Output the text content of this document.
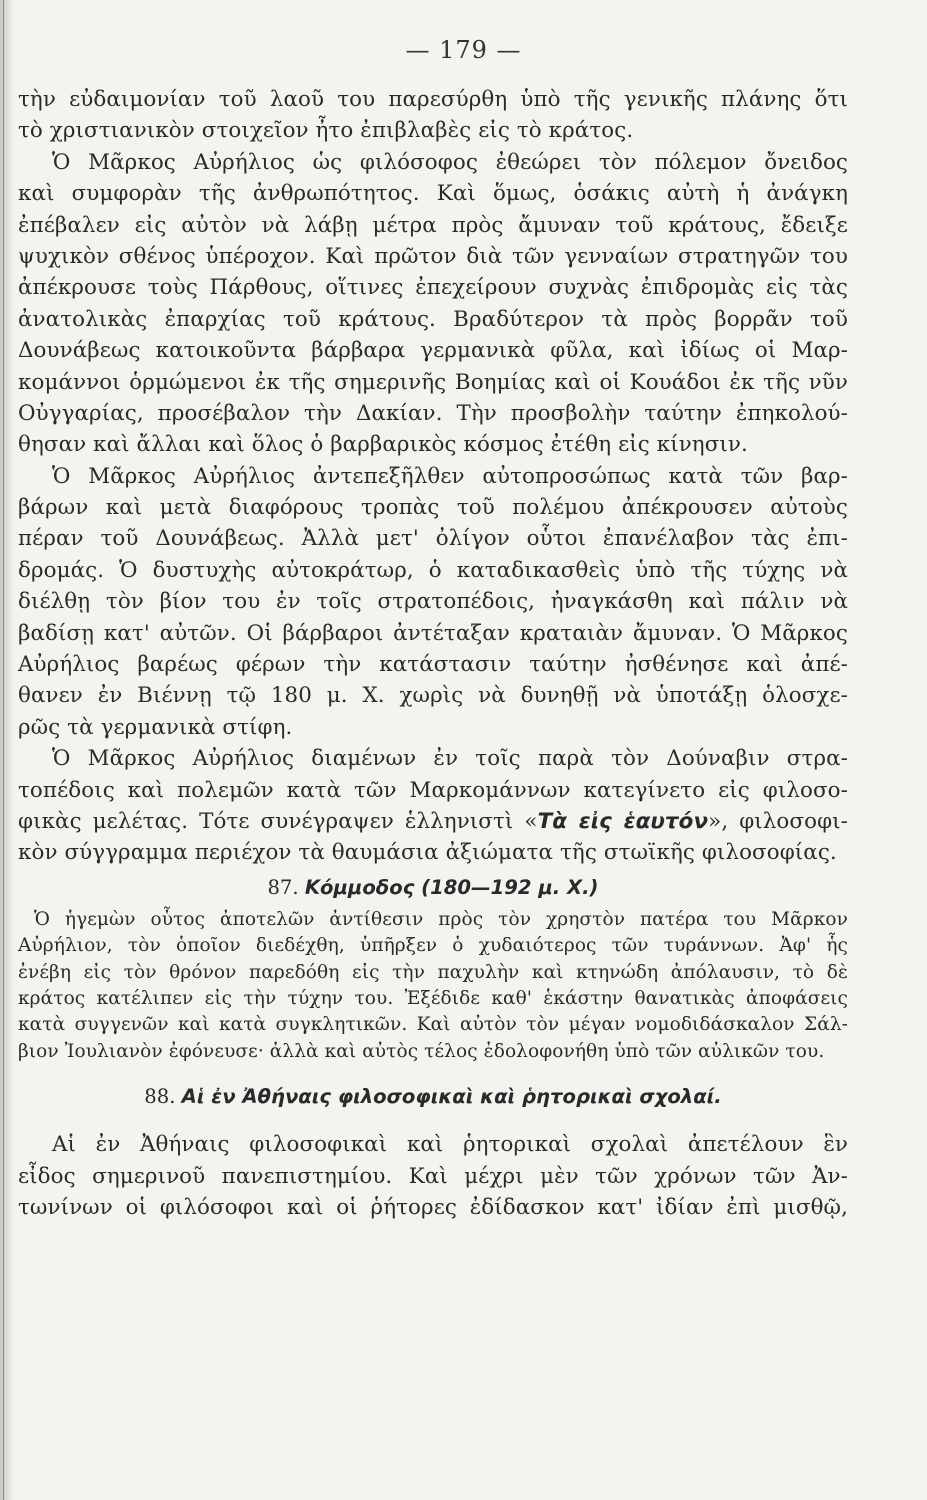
— 179 —
τὴν εὐδαιμονίαν τοῦ λαοῦ του παρεσύρθη ὑπὸ τῆς γενικῆς πλάνης ὅτι
τὸ χριστιανικὸν στοιχεῖον ἦτο ἐπιβλαβὲς εἰς τὸ κράτος.
Ὁ Μᾶρκος Αὐρήλιος ὡς φιλόσοφος ἐθεώρει τὸν πόλεμον ὄνειδος
καὶ συμφορὰν τῆς ἀνθρωπότητος. Καὶ ὅμως, ὁσάκις αὐτὴ ἡ ἀνάγκη
ἐπέβαλεν εἰς αὐτὸν νὰ λάβῃ μέτρα πρὸς ἄμυναν τοῦ κράτους, ἔδειξε
ψυχικὸν σθένος ὑπέροχον. Καὶ πρῶτον διὰ τῶν γενναίων στρατηγῶν του
ἀπέκρουσε τοὺς Πάρθους, οἵτινες ἐπεχείρουν συχνὰς ἐπιδρομὰς εἰς τὰς
ἀνατολικὰς ἐπαρχίας τοῦ κράτους. Βραδύτερον τὰ πρὸς βορρᾶν τοῦ
Δουνάβεως κατοικοῦντα βάρβαρα γερμανικὰ φῦλα, καὶ ἰδίως οἱ Μαρ-
κομάννοι ὁρμώμενοι ἐκ τῆς σημερινῆς Βοημίας καὶ οἱ Κουάδοι ἐκ τῆς νῦν
Οὐγγαρίας, προσέβαλον τὴν Δακίαν. Τὴν προσβολὴν ταύτην ἐπηκολού-
θησαν καὶ ἄλλαι καὶ ὅλος ὁ βαρβαρικὸς κόσμος ἐτέθη εἰς κίνησιν.
Ὁ Μᾶρκος Αὐρήλιος ἀντεπεξῆλθεν αὐτοπροσώπως κατὰ τῶν βαρ-
βάρων καὶ μετὰ διαφόρους τροπὰς τοῦ πολέμου ἀπέκρουσεν αὐτοὺς
πέραν τοῦ Δουνάβεως. Ἀλλὰ μετ' ὀλίγον οὗτοι ἐπανέλαβον τὰς ἐπι-
δρομάς. Ὁ δυστυχὴς αὐτοκράτωρ, ὁ καταδικασθεὶς ὑπὸ τῆς τύχης νὰ
διέλθῃ τὸν βίον του ἐν τοῖς στρατοπέδοις, ἠναγκάσθη καὶ πάλιν νὰ
βαδίσῃ κατ' αὐτῶν. Οἱ βάρβαροι ἀντέταξαν κραταιὰν ἄμυναν. Ὁ Μᾶρκος
Αὐρήλιος βαρέως φέρων τὴν κατάστασιν ταύτην ἠσθένησε καὶ ἀπέ-
θανεν ἐν Βιέννῃ τῷ 180 μ. Χ. χωρὶς νὰ δυνηθῇ νὰ ὑποτάξῃ ὁλοσχε-
ρῶς τὰ γερμανικὰ στίφη.
Ὁ Μᾶρκος Αὐρήλιος διαμένων ἐν τοῖς παρὰ τὸν Δούναβιν στρα-
τοπέδοις καὶ πολεμῶν κατὰ τῶν Μαρκομάννων κατεγίνετο εἰς φιλοσο-
φικὰς μελέτας. Τότε συνέγραψεν ἑλληνιστὶ «Τὰ εἰς ἑαυτόν», φιλοσοφι-
κὸν σύγγραμμα περιέχον τὰ θαυμάσια ἀξιώματα τῆς στωϊκῆς φιλοσοφίας.
87. Κόμμοδος (180—192 μ. Χ.)
Ὁ ἡγεμὼν οὗτος ἀποτελῶν ἀντίθεσιν πρὸς τὸν χρηστὸν πατέρα του Μᾶρκον
Αὐρήλιον, τὸν ὁποῖον διεδέχθη, ὑπῆρξεν ὁ χυδαιότερος τῶν τυράννων. Ἀφ' ἧς
ἐνέβη εἰς τὸν θρόνον παρεδόθη εἰς τὴν παχυλὴν καὶ κτηνώδη ἀπόλαυσιν, τὸ δὲ
κράτος κατέλιπεν εἰς τὴν τύχην του. Ἐξέδιδε καθ' ἑκάστην θανατικὰς ἀποφάσεις
κατὰ συγγενῶν καὶ κατὰ συγκλητικῶν. Καὶ αὐτὸν τὸν μέγαν νομοδιδάσκαλον Σάλ-
βιον Ἰουλιανὸν ἐφόνευσε· ἀλλὰ καὶ αὐτὸς τέλος ἐδολοφονήθη ὑπὸ τῶν αὐλικῶν του.
88. Αἱ ἐν Ἀθήναις φιλοσοφικαὶ καὶ ῥητορικαὶ σχολαί.
Αἱ ἐν Ἀθήναις φιλοσοφικαὶ καὶ ῥητορικαὶ σχολαὶ ἀπετέλουν ἓν
εἶδος σημερινοῦ πανεπιστημίου. Καὶ μέχρι μὲν τῶν χρόνων τῶν Ἀν-
τωνίνων οἱ φιλόσοφοι καὶ οἱ ῥήτορες ἐδίδασκον κατ' ἰδίαν ἐπὶ μισθῷ,
